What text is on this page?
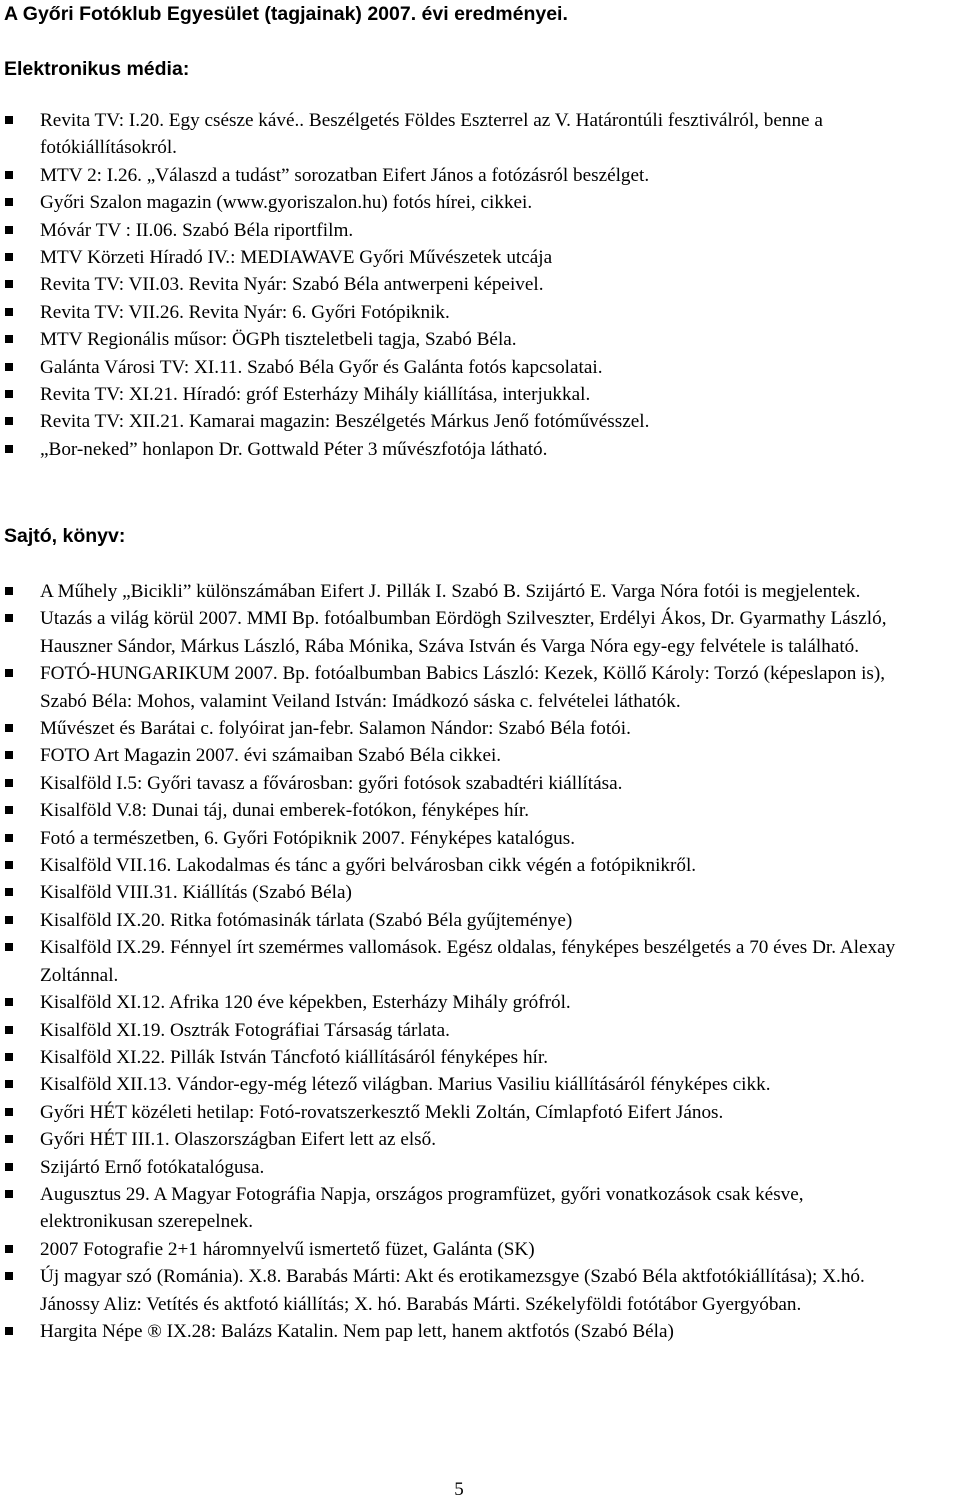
A Győri Fotóklub Egyesület (tagjainak) 2007. évi eredményei.
Elektronikus média:
Revita TV: I.20. Egy csésze kávé.. Beszélgetés Földes Eszterrel az V. Határontúli fesztiválról, benne a fotókiállításokról.
MTV 2: I.26. „Válaszd a tudást” sorozatban Eifert János a fotózásról beszélget.
Győri Szalon magazin (www.gyoriszalon.hu) fotós hírei, cikkei.
Móvár TV : II.06. Szabó Béla riportfilm.
MTV Körzeti Híradó IV.: MEDIAWAVE Győri Művészetek utcája
Revita TV: VII.03. Revita Nyár: Szabó Béla antwerpeni képeivel.
Revita TV: VII.26. Revita Nyár: 6. Győri Fotópiknik.
MTV Regionális műsor: ÖGPh tiszteletbeli tagja, Szabó Béla.
Galánta Városi TV: XI.11. Szabó Béla Győr és Galánta fotós kapcsolatai.
Revita TV: XI.21. Híradó: gróf Esterházy Mihály kiállítása, interjukkal.
Revita TV: XII.21. Kamarai magazin: Beszélgetés Márkus Jenő fotóművésszel.
„Bor-neked” honlapon Dr. Gottwald Péter 3 művészfotója látható.
Sajtó, könyv:
A Műhely „Bicikli” különszámában Eifert J. Pillák I. Szabó B. Szijártó E. Varga Nóra fotói is megjelentek.
Utazás a világ körül 2007. MMI Bp. fotóalbumban Eördögh Szilveszter, Erdélyi Ákos, Dr. Gyarmathy László, Hauszner Sándor, Márkus László, Rába Mónika, Száva István és Varga Nóra egy-egy felvétele is található.
FOTÓ-HUNGARIKUM 2007. Bp. fotóalbumban Babics László: Kezek, Köllő Károly: Torzó (képeslapon is), Szabó Béla: Mohos, valamint Veiland István: Imádkozó sáska c. felvételei láthatók.
Művészet és Barátai c. folyóirat jan-febr. Salamon Nándor: Szabó Béla fotói.
FOTO Art Magazin 2007. évi számaiban Szabó Béla cikkei.
Kisalföld I.5: Győri tavasz a fővárosban: győri fotósok szabadtéri kiállítása.
Kisalföld V.8: Dunai táj, dunai emberek-fotókon, fényképes hír.
Fotó a természetben, 6. Győri Fotópiknik 2007. Fényképes katalógus.
Kisalföld VII.16. Lakodalmas és tánc a győri belvárosban cikk végén a fotópiknikről.
Kisalföld VIII.31. Kiállítás (Szabó Béla)
Kisalföld IX.20. Ritka fotómasinák tárlata (Szabó Béla gyűjteménye)
Kisalföld IX.29. Fénnyel írt szemérmes vallomások. Egész oldalas, fényképes beszélgetés a 70 éves Dr. Alexay Zoltánnal.
Kisalföld XI.12. Afrika 120 éve képekben, Esterházy Mihály grófról.
Kisalföld XI.19. Osztrák Fotográfiai Társaság tárlata.
Kisalföld XI.22. Pillák István Táncfotó kiállításáról fényképes hír.
Kisalföld XII.13. Vándor-egy-még létező világban. Marius Vasiliu kiállításáról fényképes cikk.
Győri HÉT közéleti hetilap: Fotó-rovatszerkesztő Mekli Zoltán, Címlapfotó Eifert János.
Győri HÉT III.1. Olaszországban Eifert lett az első.
Szijártó Ernő fotókatalógusa.
Augusztus 29. A Magyar Fotográfia Napja, országos programfüzet, győri vonatkozások csak késve, elektronikusan szerepelnek.
2007 Fotografie 2+1 háromnyelvű ismertető füzet, Galánta (SK)
Új magyar szó (Románia). X.8. Barabás Márti: Akt és erotikamezsgye (Szabó Béla aktfotókiállítása); X.hó. Jánossy Aliz: Vetítés és aktfotó kiállítás; X. hó. Barabás Márti. Székelyföldi fotótábor Gyergyóban.
Hargita Népe ® IX.28: Balázs Katalin. Nem pap lett, hanem aktfotós (Szabó Béla)
5
